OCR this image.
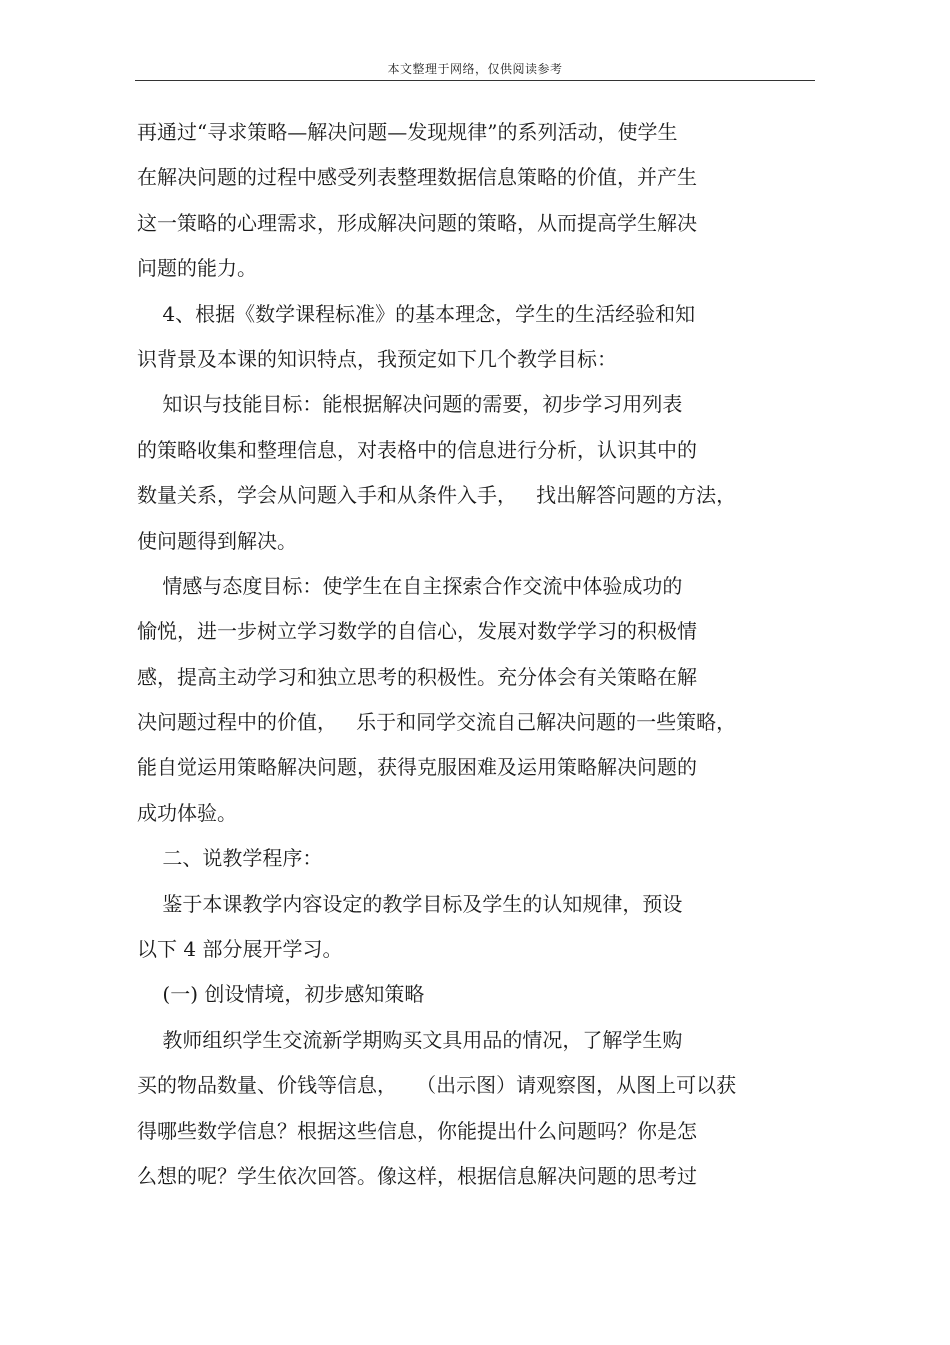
本文整理于网络，仅供阅读参考
再通过“寻求策略—解决问题—发现规律”的系列活动，使学生
在解决问题的过程中感受列表整理数据信息策略的价值，并产生
这一策略的心理需求，形成解决问题的策略，从而提高学生解决
问题的能力。
4、根据《数学课程标准》的基本理念，学生的生活经验和知
识背景及本课的知识特点，我预定如下几个教学目标：
知识与技能目标：能根据解决问题的需要，初步学习用列表
的策略收集和整理信息，对表格中的信息进行分析，认识其中的
数量关系，学会从问题入手和从条件入手，   找出解答问题的方法，
使问题得到解决。
情感与态度目标：使学生在自主探索合作交流中体验成功的
愉悦，进一步树立学习数学的自信心，发展对数学学习的积极情
感，提高主动学习和独立思考的积极性。充分体会有关策略在解
决问题过程中的价值，   乐于和同学交流自己解决问题的一些策略，
能自觉运用策略解决问题，获得克服困难及运用策略解决问题的
成功体验。
二、说教学程序：
鉴于本课教学内容设定的教学目标及学生的认知规律，预设
以下 4 部分展开学习。
(一) 创设情境，初步感知策略
教师组织学生交流新学期购买文具用品的情况，了解学生购
买的物品数量、价钱等信息，   （出示图）请观察图，从图上可以获
得哪些数学信息？根据这些信息，你能提出什么问题吗？你是怎
么想的呢？学生依次回答。像这样，根据信息解决问题的思考过
